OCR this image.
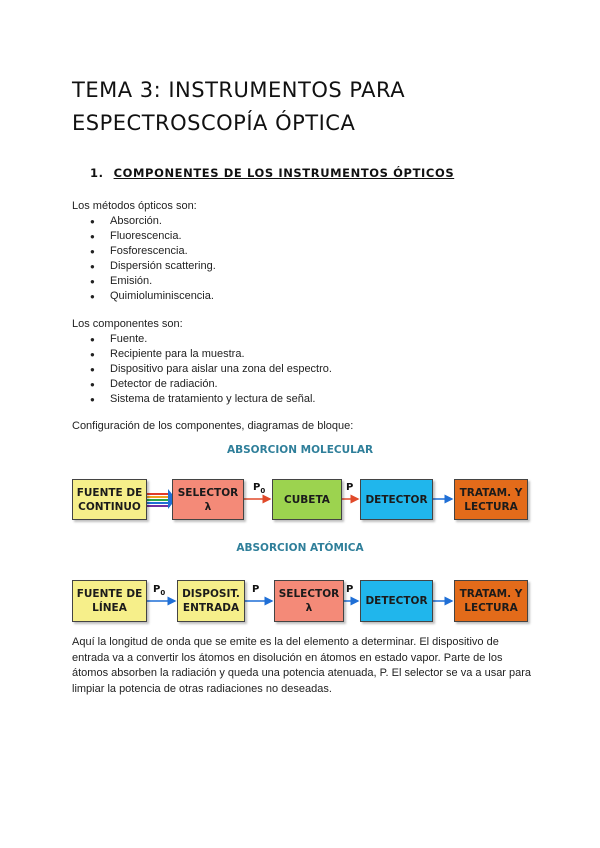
TEMA 3: INSTRUMENTOS PARA
ESPECTROSCOPÍA ÓPTICA
1. COMPONENTES DE LOS INSTRUMENTOS ÓPTICOS
Los métodos ópticos son:
● Absorción.
● Fluorescencia.
● Fosforescencia.
● Dispersión scattering.
● Emisión.
● Quimioluminiscencia.
Los componentes son:
● Fuente.
● Recipiente para la muestra.
● Dispositivo para aislar una zona del espectro.
● Detector de radiación.
● Sistema de tratamiento y lectura de señal.
Configuración de los componentes, diagramas de bloque:
ABSORCION MOLECULAR
FUENTE DE
CONTINUO
SELECTOR
λ
CUBETA	DETECTOR
TRATAM. Y
LECTURA
$P_0$	P
ABSORCION ATÓMICA
FUENTE DE
LÍNEA
DISPOSIT.
ENTRADA
SELECTOR
λ
DETECTOR
TRATAM. Y
LECTURA
$P_0$	P	P
Aquí la longitud de onda que se emite es la del elemento a determinar. El dispositivo de entrada va a convertir los átomos en disolución en átomos en estado vapor. Parte de los átomos absorben la radiación y queda una potencia atenuada, P. El selector se va a usar para limpiar la potencia de otras radiaciones no deseadas.
